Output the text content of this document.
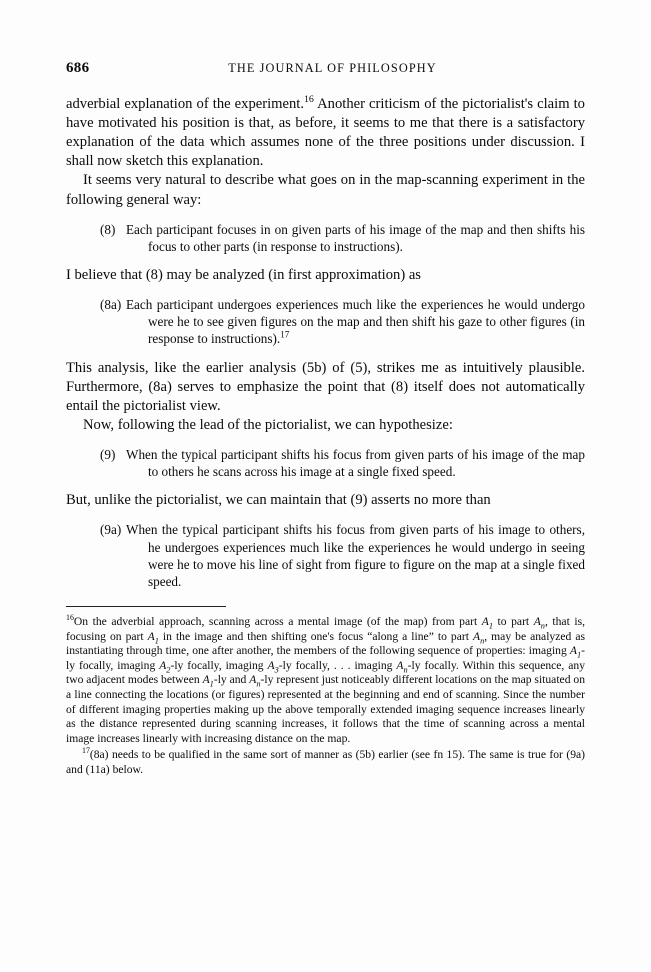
686	THE JOURNAL OF PHILOSOPHY

adverbial explanation of the experiment.$^{16}$ Another criticism of the pictorialist's claim to have motivated his position is that, as before, it seems to me that there is a satisfactory explanation of the data which assumes none of the three positions under discussion. I shall now sketch this explanation.

It seems very natural to describe what goes on in the map-scanning experiment in the following general way:

(8) Each participant focuses in on given parts of his image of the map and then shifts his focus to other parts (in response to instructions).

I believe that (8) may be analyzed (in first approximation) as

(8a) Each participant undergoes experiences much like the experiences he would undergo were he to see given figures on the map and then shift his gaze to other figures (in response to instructions).$^{17}$

This analysis, like the earlier analysis (5b) of (5), strikes me as intuitively plausible. Furthermore, (8a) serves to emphasize the point that (8) itself does not automatically entail the pictorialist view.

Now, following the lead of the pictorialist, we can hypothesize:

(9) When the typical participant shifts his focus from given parts of his image of the map to others he scans across his image at a single fixed speed.

But, unlike the pictorialist, we can maintain that (9) asserts no more than

(9a) When the typical participant shifts his focus from given parts of his image to others, he undergoes experiences much like the experiences he would undergo in seeing were he to move his line of sight from figure to figure on the map at a single fixed speed.

$^{16}$On the adverbial approach, scanning across a mental image (of the map) from part $A_1$ to part $A_n$, that is, focusing on part $A_1$ in the image and then shifting one's focus “along a line” to part $A_n$, may be analyzed as instantiating through time, one after another, the members of the following sequence of properties: imaging $A_1-ly$ focally, imaging $A_2-ly$ focally, imaging $A_3-ly$ focally, . . . imaging $A_n-ly$ focally. Within this sequence, any two adjacent modes between $A_1-ly$ and $A_n-ly$ represent just noticeably different locations on the map situated on a line connecting the locations (or figures) represented at the beginning and end of scanning. Since the number of different imaging properties making up the above temporally extended imaging sequence increases linearly as the distance represented during scanning increases, it follows that the time of scanning across a mental image increases linearly with increasing distance on the map.

$^{17}$(8a) needs to be qualified in the same sort of manner as (5b) earlier (see fn 15). The same is true for (9a) and (11a) below.
